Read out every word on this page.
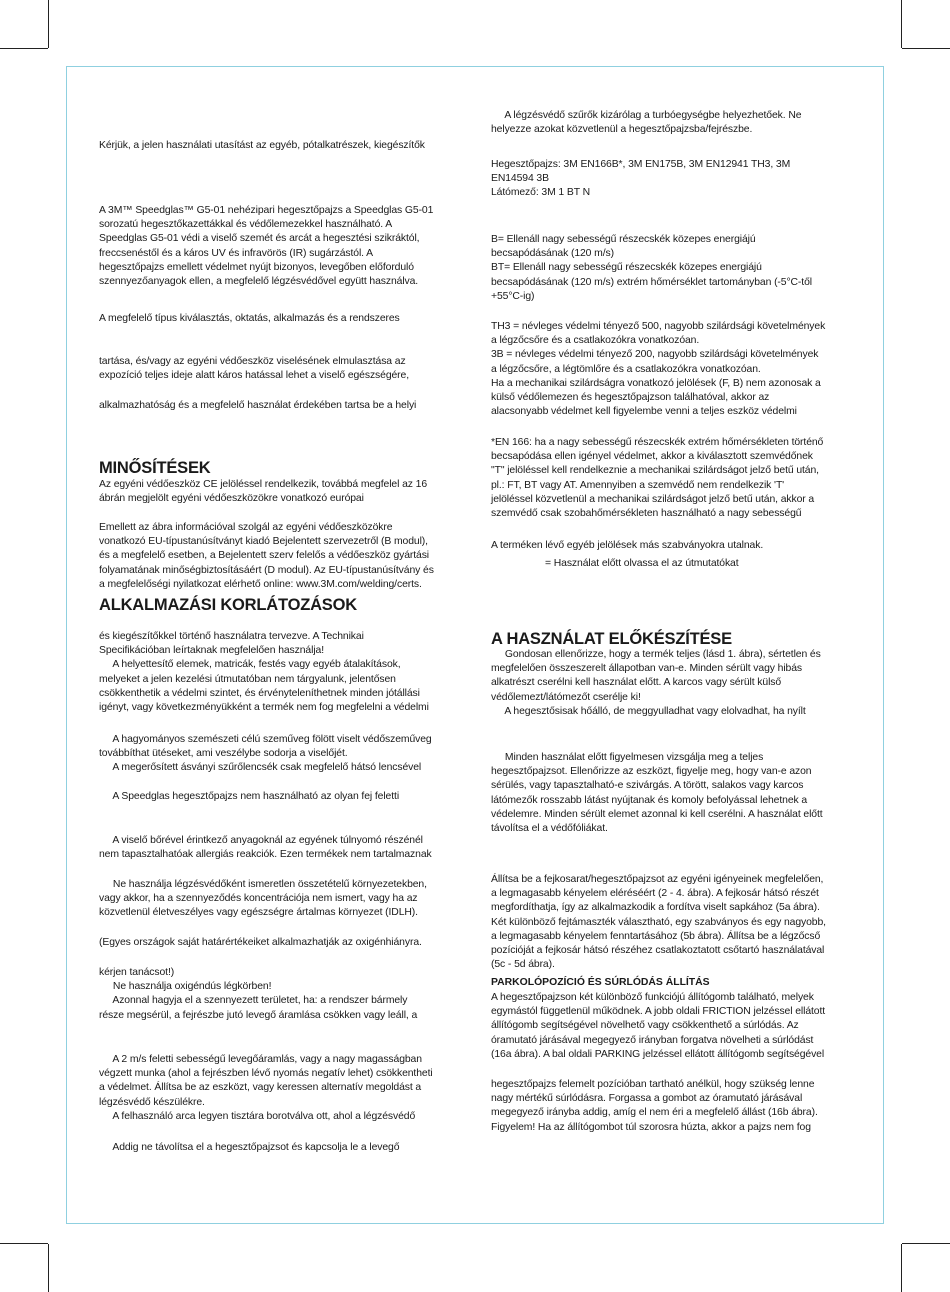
Kérjük, a jelen használati utasítást az egyéb, pótalkatrészek, kiegészítők
A 3M™ Speedglas™ G5-01 nehézipari hegesztőpajzs a Speedglas G5-01
sorozatú hegesztőkazettákkal és védőlemezekkel használható. A
Speedglas G5-01 védi a viselő szemét és arcát a hegesztési szikráktól,
freccsenéstől és a káros UV és infravörös (IR) sugárzástól. A
hegesztőpajzs emellett védelmet nyújt bizonyos, levegőben előforduló
szennyezőanyagok ellen, a megfelelő légzésvédővel együtt használva.
A megfelelő típus kiválasztás, oktatás, alkalmazás és a rendszeres
tartása, és/vagy az egyéni védőeszköz viselésének elmulasztása az
expozíció teljes ideje alatt káros hatással lehet a viselő egészségére,
alkalmazhatóság és a megfelelő használat érdekében tartsa be a helyi
MINŐSÍTÉSEK
Az egyéni védőeszköz CE jelöléssel rendelkezik, továbbá megfelel az 16
ábrán megjelölt egyéni védőeszközökre vonatkozó európai
Emellett az ábra információval szolgál az egyéni védőeszközökre
vonatkozó EU-típustanúsítványt kiadó Bejelentett szervezetről (B modul),
és a megfelelő esetben, a Bejelentett szerv felelős a védőeszköz gyártási
folyamatának minőségbiztosításáért (D modul). Az EU-típustanúsítvány és
a megfelelőségi nyilatkozat elérhető online: www.3M.com/welding/certs.
ALKALMAZÁSI KORLÁTOZÁSOK
és kiegészítőkkel történő használatra tervezve. A Technikai
Specifikációban leírtaknak megfelelően használja!
A helyettesítő elemek, matricák, festés vagy egyéb átalakítások,
melyeket a jelen kezelési útmutatóban nem tárgyalunk, jelentősen
csökkenthetik a védelmi szintet, és érvényteleníthetnek minden jótállási
igényt, vagy következményükként a termék nem fog megfelelni a védelmi
A hagyományos szemészeti célú szeműveg fölött viselt védőszeműveg
továbbíthat ütéseket, ami veszélybe sodorja a viselőjét.
A megerősített ásványi szűrőlencsék csak megfelelő hátsó lencsével
A Speedglas hegesztőpajzs nem használható az olyan fej feletti
A viselő bőrével érintkező anyagoknál az egyének túlnyomó részénél
nem tapasztalhatóak allergiás reakciók. Ezen termékek nem tartalmaznak
Ne használja légzésvédőként ismeretlen összetételű környezetekben,
vagy akkor, ha a szennyeződés koncentrációja nem ismert, vagy ha az
közvetlenül életveszélyes vagy egészségre ártalmas környezet (IDLH).
(Egyes országok saját határértékeiket alkalmazhatják az oxigénhiányra.
kérjen tanácsot!)
Ne használja oxigéndús légkörben!
Azonnal hagyja el a szennyezett területet, ha: a rendszer bármely
része megsérül, a fejrészbe jutó levegő áramlása csökken vagy leáll, a
A 2 m/s feletti sebességű levegőáramlás, vagy a nagy magasságban
végzett munka (ahol a fejrészben lévő nyomás negatív lehet) csökkentheti
a védelmet. Állítsa be az eszközt, vagy keressen alternatív megoldást a
légzésvédő készülékre.
A felhasználó arca legyen tisztára borotválva ott, ahol a légzésvédő
Addig ne távolítsa el a hegesztőpajzsot és kapcsolja le a levegő
A légzésvédő szűrők kizárólag a turbóegységbe helyezhetőek. Ne
helyezze azokat közvetlenül a hegesztőpajzsba/fejrészbe.
Hegesztőpajzs: 3M EN166B*, 3M EN175B, 3M EN12941 TH3, 3M
EN14594 3B
Látómező: 3M 1 BT N
B= Ellenáll nagy sebességű részecskék közepes energiájú
becsapódásának (120 m/s)
BT= Ellenáll nagy sebességű részecskék közepes energiájú
becsapódásának (120 m/s) extrém hőmérséklet tartományban (-5°C-től
+55°C-ig)
TH3 = névleges védelmi tényező 500, nagyobb szilárdsági követelmények
a légzőcsőre és a csatlakozókra vonatkozóan.
3B = névleges védelmi tényező 200, nagyobb szilárdsági követelmények
a légzőcsőre, a légtömlőre és a csatlakozókra vonatkozóan.
Ha a mechanikai szilárdságra vonatkozó jelölések (F, B) nem azonosak a
külső védőlemezen és hegesztőpajzson találhatóval, akkor az
alacsonyabb védelmet kell figyelembe venni a teljes eszköz védelmi
*EN 166: ha a nagy sebességű részecskék extrém hőmérsékleten történő
becsapódása ellen igényel védelmet, akkor a kiválasztott szemvédőnek
"T" jelöléssel kell rendelkeznie a mechanikai szilárdságot jelző betű után,
pl.: FT, BT vagy AT. Amennyiben a szemvédő nem rendelkezik 'T'
jelöléssel közvetlenül a mechanikai szilárdságot jelző betű után, akkor a
szemvédő csak szobahőmérsékleten használható a nagy sebességű
A terméken lévő egyéb jelölések más szabványokra utalnak.
= Használat előtt olvassa el az útmutatókat
A HASZNÁLAT ELŐKÉSZÍTÉSE
Gondosan ellenőrizze, hogy a termék teljes (lásd 1. ábra), sértetlen és
megfelelően összeszerelt állapotban van-e. Minden sérült vagy hibás
alkatrészt cserélni kell használat előtt. A karcos vagy sérült külső
védőlemezt/látómezőt cserélje ki!
A hegesztősisak hőálló, de meggyulladhat vagy elolvadhat, ha nyílt
Minden használat előtt figyelmesen vizsgálja meg a teljes
hegesztőpajzsot. Ellenőrizze az eszközt, figyelje meg, hogy van-e azon
sérülés, vagy tapasztalható-e szivárgás. A törött, salakos vagy karcos
látómezők rosszabb látást nyújtanak és komoly befolyással lehetnek a
védelemre. Minden sérült elemet azonnal ki kell cserélni. A használat előtt
távolítsa el a védőfóliákat.
Állítsa be a fejkosarat/hegesztőpajzsot az egyéni igényeinek megfelelően,
a legmagasabb kényelem eléréséért (2 - 4. ábra). A fejkosár hátsó részét
megfordíthatja, így az alkalmazkodik a fordítva viselt sapkához (5a ábra).
Két különböző fejtámaszték választható, egy szabványos és egy nagyobb,
a legmagasabb kényelem fenntartásához (5b ábra). Állítsa be a légzőcső
pozícióját a fejkosár hátsó részéhez csatlakoztatott csőtartó használatával
(5c - 5d ábra).
PARKOLÓPOZÍCIÓ ÉS SÚRLÓDÁS ÁLLÍTÁS
A hegesztőpajzson két különböző funkciójú állítógomb található, melyek
egymástól függetlenül működnek. A jobb oldali FRICTION jelzéssel ellátott
állítógomb segítségével növelhető vagy csökkenthető a súrlódás. Az
óramutató járásával megegyező irányban forgatva növelheti a súrlódást
(16a ábra). A bal oldali PARKING jelzéssel ellátott állítógomb segítségével
hegesztőpajzs felemelt pozícióban tartható anélkül, hogy szükség lenne
nagy mértékű súrlódásra. Forgassa a gombot az óramutató járásával
megegyező irányba addig, amíg el nem éri a megfelelő állást (16b ábra).
Figyelem! Ha az állítógombot túl szorosra húzta, akkor a pajzs nem fog
